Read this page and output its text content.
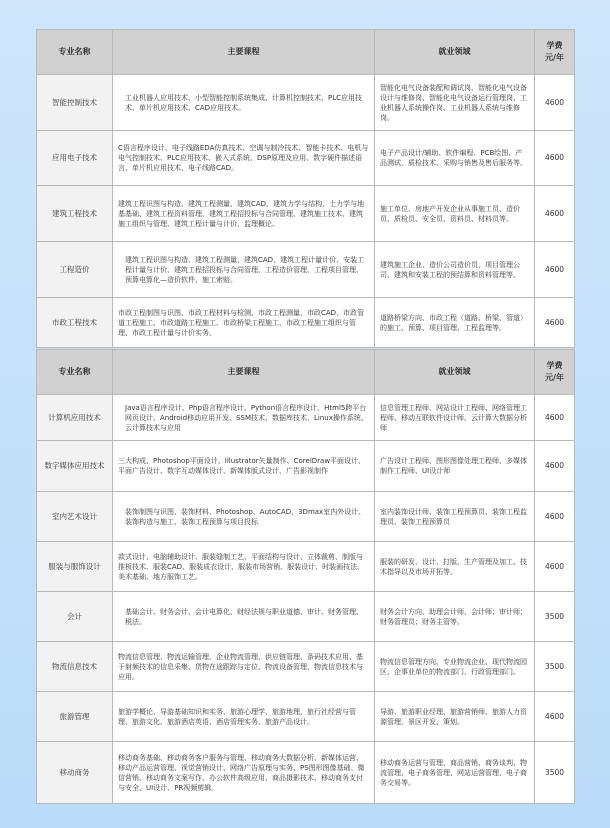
专业名称	主要课程	就业领域	学费
元/年
智能控制技术	工业机器人应用技术、小型智能控制系统集成、计算机控制技术、PLC应用技术、单片机应用技术、CAD应用技术。	智能化电气设备装配和调试岗、智能化电气设备设计与维修岗、智能化电气设备运行管理岗、工业机器人系统操作岗、工业机器人系统与维修岗。	4600
应用电子技术	C语言程序设计、电子线路EDA仿真技术、空调与制冷技术、智能卡技术、电机与电气控制技术、PLC应用技术、嵌入式系统、DSP原理及应用、数字硬件描述语言、单片机应用技术、电子线路CAD。	电子产品设计/辅助、软件编程、PCB绘图、产品测试、质检技术、采购与销售及售后服务等。	4600
建筑工程技术	建筑工程识图与构造、建筑工程测量、建筑CAD、建筑力学与结构、土力学与地基基础、建筑工程资料管理、建筑工程招投标与合同管理、建筑施工技术、建筑施工组织与管理、建筑工程计量与计价、监理概论。	施工单位、房地产开发企业从事施工员、造价员、质检员、安全员、资料员、材料员等。	4600
工程造价	建筑工程识图与构造、建筑工程测量、建筑CAD、建筑工程计量计价、安装工程计量与计价、建筑工程招投标与合同管理、工程造价管理、工程项目管理、预算电算化—造价软件、施工索赔。	建筑施工企业、造价公司造价员，项目管理公司、建筑和安装工程的预结算和资料管理等。	4600
市政工程技术	市政工程制图与识图、市政工程材料与检测、市政工程测量、市政CAD、市政管道工程施工、市政道路工程施工、市政桥梁工程施工、市政工程施工组织与管理、市政工程计量与计价实务。	道路桥梁方向、市政工程（道路、桥梁、管道）的施工、预算、项目管理、工程监理等。	4600
专业名称	主要课程	就业领域	学费
元/年
计算机应用技术	Java语言程序设计、Php语言程序设计、Python语言程序设计、Html5跨平台网页设计、Android移动应用开发、SSM技术、数据库技术、Linux操作系统、云计算技术与应用	信息管理工程师、网站设计工程师、网络管理工程师、移动互联软件设计师、云计算大数据分析师	4600
数字媒体应用技术	三大构成、Photoshop平面设计、Illustrator矢量制作、CorelDraw平面设计、平面广告设计、数字互动媒体设计、新媒体版式设计、广告影视制作	广告设计工程师、图形图像处理工程师、多媒体制作工程师、UI设计师	4600
室内艺术设计	装饰制图与识图、装饰材料、Photoshop、AutoCAD、3Dmax室内外设计、装饰构造与施工、装饰工程预算与项目投标	室内装饰设计师、装饰工程预算员、装饰工程监理员、装饰工程预算员	4600
服装与服饰设计	款式设计、电脑辅助设计、服装缝制工艺、平面结构与设计、立体裁剪、制版与推板技术、服装CAD、服装成衣设计、服装市场营销、服装设计、时装画技法、美术基础、地方服饰工艺。	服装的研发、设计、打版、生产管理及加工、技术指导以及市场开拓等。	4600
会计	基础会计、财务会计、会计电算化、财经法规与职业道德、审计、财务管理、税法。	财务会计方向、助理会计师、会计师；审计师；财务管理员；财务主管等。	3500
物流信息技术	物流信息管理、物流运输管理、企业物流管理、供应链管理、条码技术应用、基于射频技术的信息采集、货物在途跟踪与定位、物流设备管理、物流信息技术与应用。	物流信息管理方向、专业物流企业、现代物流园区、企事业单位的物流部门、行政管理部门。	3500
旅游管理	旅游学概论、导游基础知识和实务、旅游心理学、旅游地理、旅行社经营与管理、旅游文化、旅游酒店英语、酒店管理实务、旅游产品设计。	导游、旅游职业经理、旅游营销师、旅游人力资源管理、景区开发、策划。	4600
移动商务	移动商务基础、移动商务客户服务与管理、移动商务大数据分析、新媒体运营、移动产品运营管理、视觉营销设计、网络广告原理与实务、PS图形图像基础、微信营销、移动商务文案写作、办公软件高级应用、商品摄影技术、移动商务支付与安全、UI设计、PR视频剪辑。	移动商务运营与管理、商品营销、商务谈判、物流管理、电子商务管理、网站运营管理、电子商务交易等。	3500
